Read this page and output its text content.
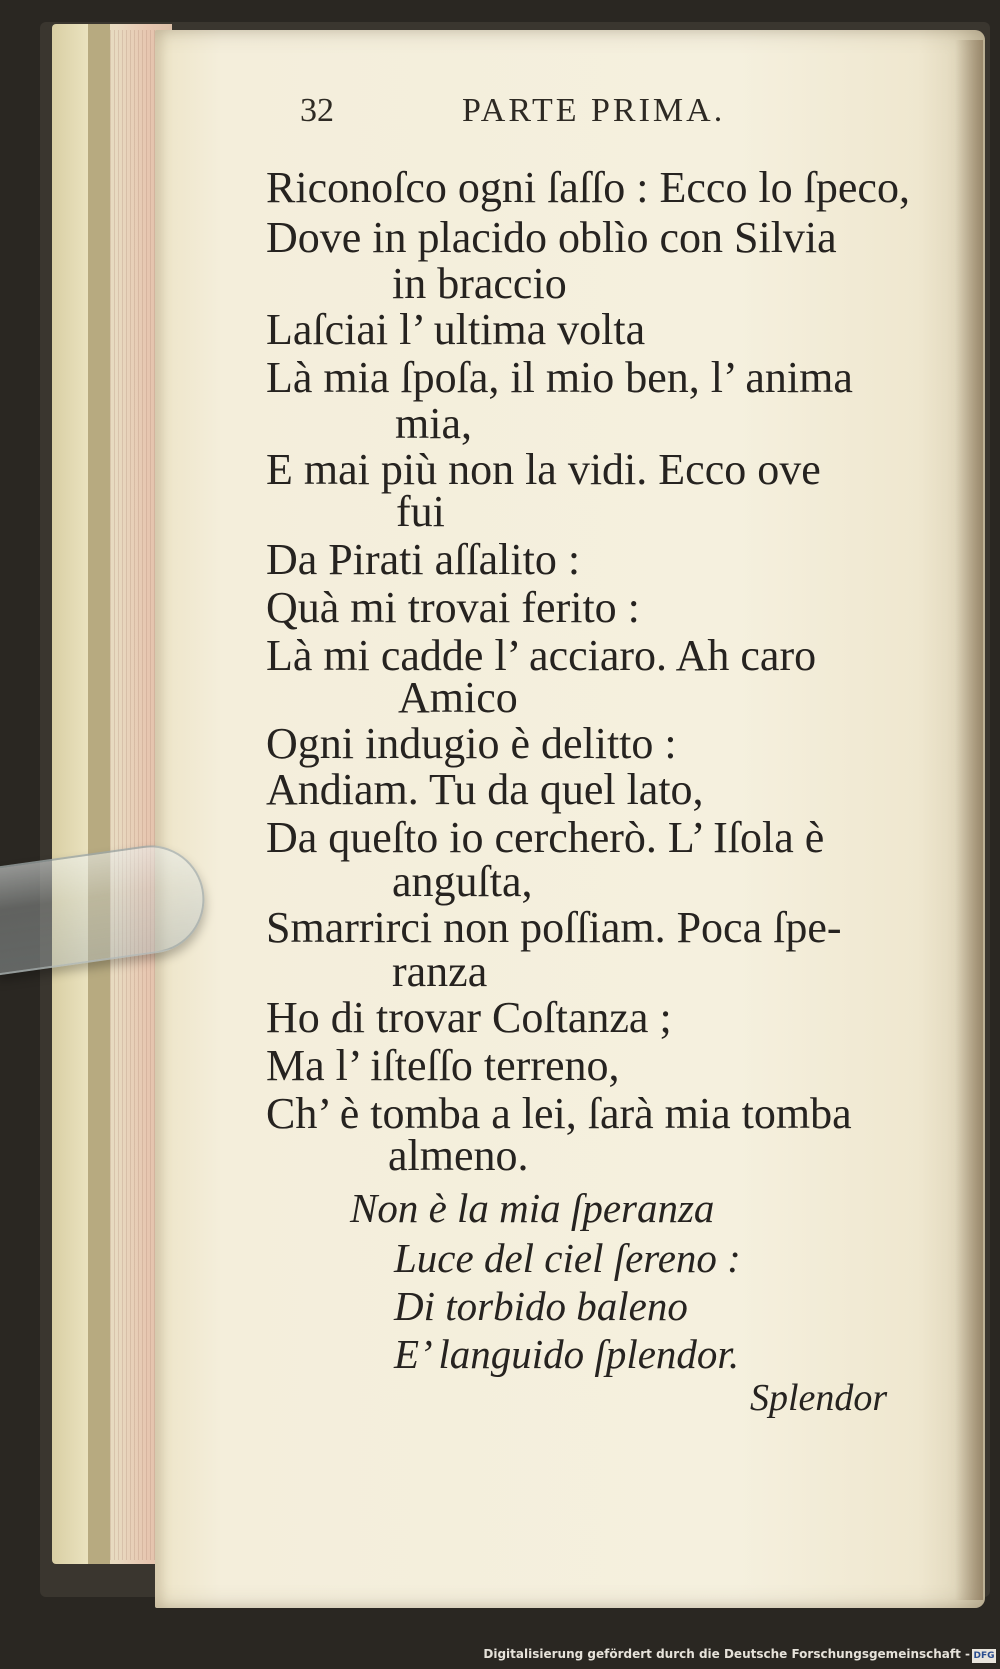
32	PARTE PRIMA.
Riconoſco ogni ſaſſo : Ecco lo ſpeco,
Dove in placido oblìo con Silvia
in braccio
Laſciai l’ ultima volta
Là mia ſpoſa, il mio ben, l’ anima
mia,
E mai più non la vidi. Ecco ove
fui
Da Pirati aſſalito :
Quà mi trovai ferito :
Là mi cadde l’ acciaro. Ah caro
Amico
Ogni indugio è delitto :
Andiam. Tu da quel lato,
Da queſto io cercherò. L’ Iſola è
anguſta,
Smarrirci non poſſiam. Poca ſpe-
ranza
Ho di trovar Coſtanza ;
Ma l’ iſteſſo terreno,
Ch’ è tomba a lei, ſarà mia tomba
almeno.
Non è la mia ſperanza
Luce del ciel ſereno :
Di torbido baleno
E’ languido ſplendor.
Splendor
Digitalisierung gefördert durch die Deutsche Forschungsgemeinschaft - DFG
